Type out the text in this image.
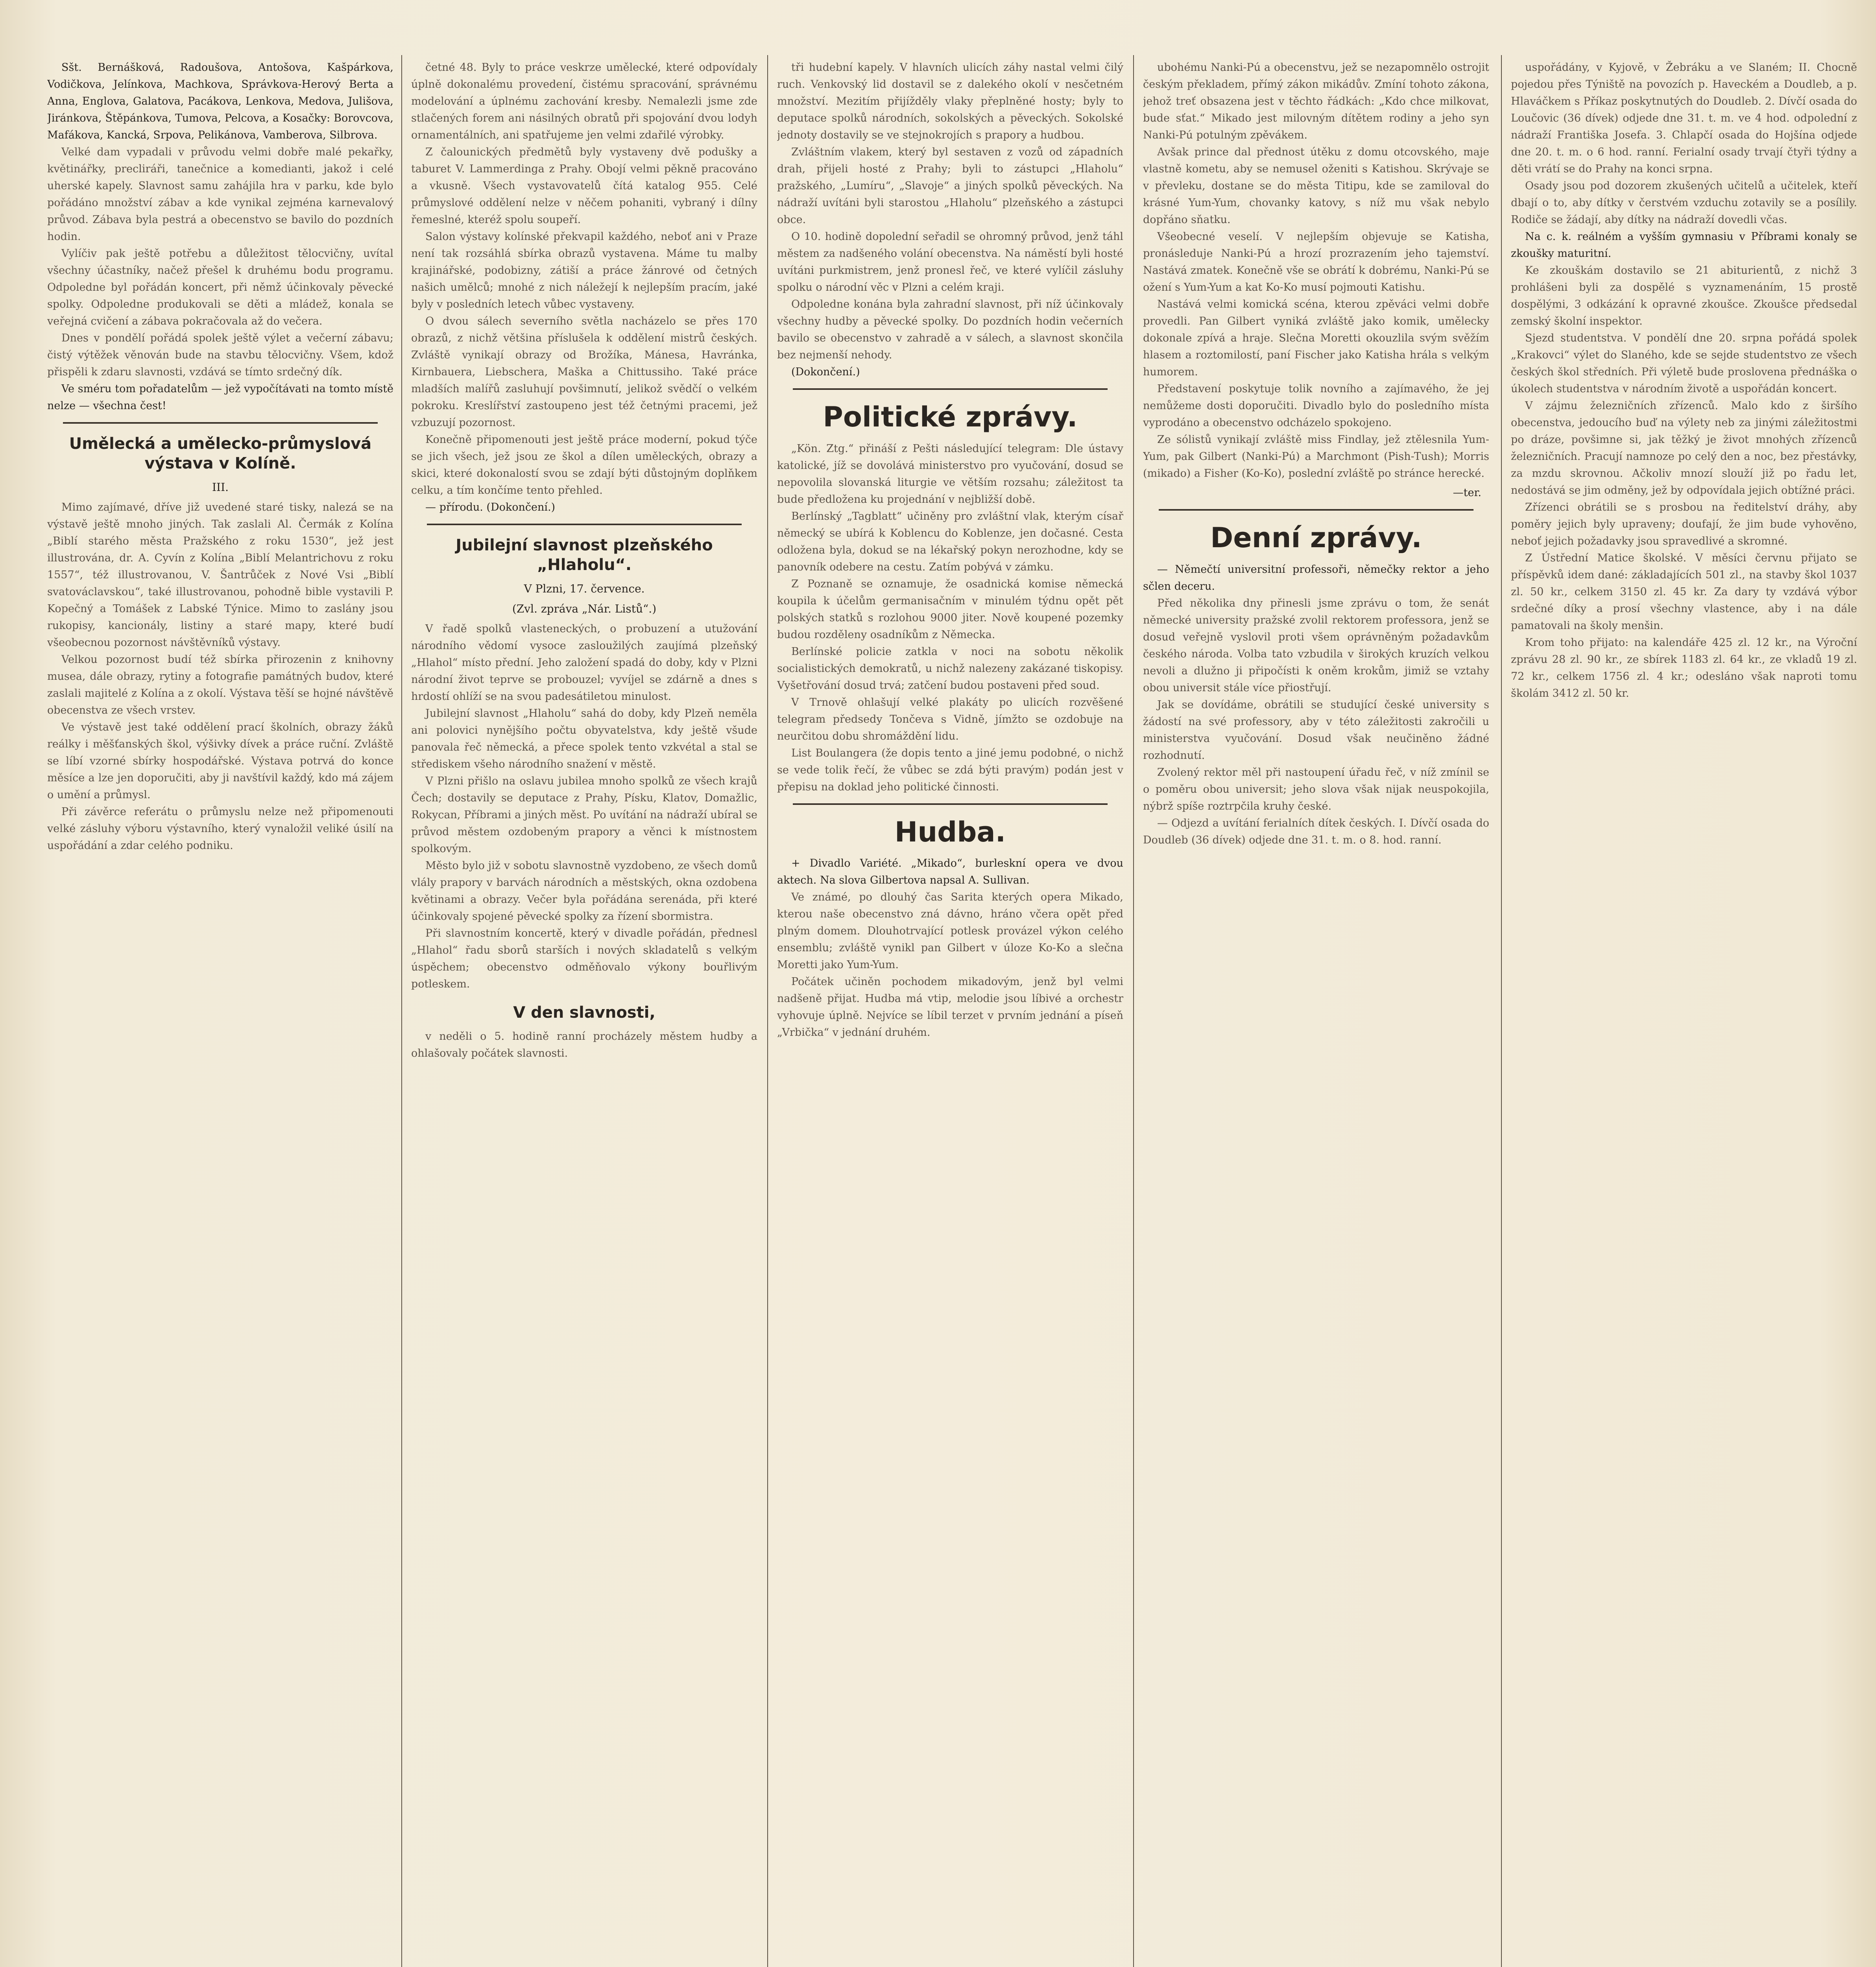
Sšt. Bernášková, Radoušova, Antošova, Kašpárkova, Vodičkova, Jelínkova, Machkova, Správkova-Herový Berta a Anna, Englova, Galatova, Pacákova, Lenkova, Medova, Julišova, Jiránkova, Štěpánkova, Tumova, Pelcova, a Kosačky: Borovcova, Mafákova, Kancká, Srpova, Pelikánova, Vamberova, Silbrova.

Velké dam vypadali v průvodu velmi dobře malé pekařky, květinářky, precliráři, tanečnice a komedianti, jakož i celé uherské kapely. Slavnost samu zahájila hra v parku, kde bylo pořádáno množství zábav a kde vynikal zejména karnevalový průvod. Zábava byla pestrá a obecenstvo se bavilo do pozdních hodin.

Vylíčiv pak ještě potřebu a důležitost tělocvičny, uvítal všechny účastníky, načež přešel k druhému bodu programu. Odpoledne byl pořádán koncert, při němž účinkovaly pěvecké spolky. Odpoledne produkovali se děti a mládež, konala se veřejná cvičení a zábava pokračovala až do večera.

Dnes v pondělí pořádá spolek ještě výlet a večerní zábavu; čistý výtěžek věnován bude na stavbu tělocvičny. Všem, kdož přispěli k zdaru slavnosti, vzdává se tímto srdečný dík.

Ve sméru tom pořadatelům — jež vypočítávati na tomto místě nelze — všechna čest!

Umělecká a umělecko-průmyslová výstava v Kolíně.
III.

Mimo zajímavé, dříve již uvedené staré tisky, nalezá se na výstavě ještě mnoho jiných. Tak zaslali Al. Čermák z Kolína „Biblí starého města Pražského z roku 1530“, jež jest illustrována, dr. A. Cyvín z Kolína „Biblí Melantrichovu z roku 1557“, též illustrovanou, V. Šantrůček z Nové Vsi „Biblí svatováclavskou“, také illustrovanou, pohodně bible vystavili P. Kopečný a Tomášek z Labské Týnice. Mimo to zaslány jsou rukopisy, kancionály, listiny a staré mapy, které budí všeobecnou pozornost návštěvníků výstavy.

Velkou pozornost budí též sbírka přirozenin z knihovny musea, dále obrazy, rytiny a fotografie památných budov, které zaslali majitelé z Kolína a z okolí. Výstava těší se hojné návštěvě obecenstva ze všech vrstev.

Ve výstavě jest také oddělení prací školních, obrazy žáků reálky i měšťanských škol, výšivky dívek a práce ruční. Zvláště se líbí vzorné sbírky hospodářské. Výstava potrvá do konce měsíce a lze jen doporučiti, aby ji navštívil každý, kdo má zájem o umění a průmysl.

Při závěrce referátu o průmyslu nelze než připomenouti velké zásluhy výboru výstavního, který vynaložil veliké úsilí na uspořádání a zdar celého podniku.

četné 48. Byly to práce veskrze umělecké, které odpovídaly úplně dokonalému provedení, čistému spracování, správnému modelování a úplnému zachování kresby. Nemalezli jsme zde stlačených forem ani násilných obratů při spojování dvou lodyh ornamentálních, ani spatřujeme jen velmi zdařilé výrobky.

Z čalounických předmětů byly vystaveny dvě podušky a taburet V. Lammerdinga z Prahy. Obojí velmi pěkně pracováno a vkusně. Všech vystavovatelů čítá katalog 955. Celé průmyslové oddělení nelze v něčem pohaniti, vybraný i dílny řemeslné, kteréž spolu soupeří.

Salon výstavy kolínské překvapil každého, neboť ani v Praze není tak rozsáhlá sbírka obrazů vystavena. Máme tu malby krajinářské, podobizny, zátiší a práce žánrové od četných našich umělců; mnohé z nich náležejí k nejlepším pracím, jaké byly v posledních letech vůbec vystaveny.

O dvou sálech severního světla nacházelo se přes 170 obrazů, z nichž většina příslušela k oddělení mistrů českých. Zvláště vynikají obrazy od Brožíka, Mánesa, Havránka, Kirnbauera, Liebschera, Maška a Chittussiho. Také práce mladších malířů zasluhují povšimnutí, jelikož svědčí o velkém pokroku. Kreslířství zastoupeno jest též četnými pracemi, jež vzbuzují pozornost.

Konečně připomenouti jest ještě práce moderní, pokud týče se jich všech, jež jsou ze škol a dílen uměleckých, obrazy a skici, které dokonalostí svou se zdají býti důstojným doplňkem celku, a tím končíme tento přehled.

— přírodu. (Dokončení.)

Jubilejní slavnost plzeňského „Hlaholu“.
V Plzni, 17. července.
(Zvl. zpráva „Nár. Listů“.)

V řadě spolků vlasteneckých, o probuzení a utužování národního vědomí vysoce zasloužilých zaujímá plzeňský „Hlahol“ místo přední. Jeho založení spadá do doby, kdy v Plzni národní život teprve se probouzel; vyvíjel se zdárně a dnes s hrdostí ohlíží se na svou padesátiletou minulost.

Jubilejní slavnost „Hlaholu“ sahá do doby, kdy Plzeň neměla ani polovici nynějšího počtu obyvatelstva, kdy ještě všude panovala řeč německá, a přece spolek tento vzkvétal a stal se střediskem všeho národního snažení v městě.

V Plzni přišlo na oslavu jubilea mnoho spolků ze všech krajů Čech; dostavily se deputace z Prahy, Písku, Klatov, Domažlic, Rokycan, Příbrami a jiných měst. Po uvítání na nádraží ubíral se průvod městem ozdobeným prapory a věnci k místnostem spolkovým.

Město bylo již v sobotu slavnostně vyzdobeno, ze všech domů vlály prapory v barvách národních a městských, okna ozdobena květinami a obrazy. Večer byla pořádána serenáda, při které účinkovaly spojené pěvecké spolky za řízení sbormistra.

Při slavnostním koncertě, který v divadle pořádán, přednesl „Hlahol“ řadu sborů starších i nových skladatelů s velkým úspěchem; obecenstvo odměňovalo výkony bouřlivým potleskem.

V den slavnosti,

v neděli o 5. hodině ranní procházely městem hudby a ohlašovaly počátek slavnosti.

tři hudební kapely. V hlavních ulicích záhy nastal velmi čilý ruch. Venkovský lid dostavil se z dalekého okolí v nesčetném množství. Mezitím přijížděly vlaky přeplněné hosty; byly to deputace spolků národních, sokolských a pěveckých. Sokolské jednoty dostavily se ve stejnokrojích s prapory a hudbou.

Zvláštním vlakem, který byl sestaven z vozů od západních drah, přijeli hosté z Prahy; byli to zástupci „Hlaholu“ pražského, „Lumíru“, „Slavoje“ a jiných spolků pěveckých. Na nádraží uvítáni byli starostou „Hlaholu“ plzeňského a zástupci obce.

O 10. hodině dopolední seřadil se ohromný průvod, jenž táhl městem za nadšeného volání obecenstva. Na náměstí byli hosté uvítáni purkmistrem, jenž pronesl řeč, ve které vylíčil zásluhy spolku o národní věc v Plzni a celém kraji.

Odpoledne konána byla zahradní slavnost, při níž účinkovaly všechny hudby a pěvecké spolky. Do pozdních hodin večerních bavilo se obecenstvo v zahradě a v sálech, a slavnost skončila bez nejmenší nehody.

(Dokončení.)

Politické zprávy.

„Kön. Ztg.“ přináší z Pešti následující telegram: Dle ústavy katolické, jíž se dovolává ministerstvo pro vyučování, dosud se nepovolila slovanská liturgie ve větším rozsahu; záležitost ta bude předložena ku projednání v nejbližší době.

Berlínský „Tagblatt“ učiněny pro zvláštní vlak, kterým císař německý se ubírá k Koblencu do Koblenze, jen dočasné. Cesta odložena byla, dokud se na lékařský pokyn nerozhodne, kdy se panovník odebere na cestu. Zatím pobývá v zámku.

Z Poznaně se oznamuje, že osadnická komise německá koupila k účelům germanisačním v minulém týdnu opět pět polských statků s rozlohou 9000 jiter. Nově koupené pozemky budou rozděleny osadníkům z Německa.

Berlínské policie zatkla v noci na sobotu několik socialistických demokratů, u nichž nalezeny zakázané tiskopisy. Vyšetřování dosud trvá; zatčení budou postaveni před soud.

V Trnově ohlašují velké plakáty po ulicích rozvěšené telegram předsedy Tončeva s Vidně, jímžto se ozdobuje na neurčitou dobu shromáždění lidu.

List Boulangera (že dopis tento a jiné jemu podobné, o nichž se vede tolik řečí, že vůbec se zdá býti pravým) podán jest v přepisu na doklad jeho politické činnosti.

Hudba.

+ Divadlo Variété. „Mikado“, burleskní opera ve dvou aktech. Na slova Gilbertova napsal A. Sullivan.

Ve známé, po dlouhý čas Sarita kterých opera Mikado, kterou naše obecenstvo zná dávno, hráno včera opět před plným domem. Dlouhotrvající potlesk provázel výkon celého ensemblu; zvláště vynikl pan Gilbert v úloze Ko-Ko a slečna Moretti jako Yum-Yum.

Počátek učiněn pochodem mikadovým, jenž byl velmi nadšeně přijat. Hudba má vtip, melodie jsou líbivé a orchestr vyhovuje úplně. Nejvíce se líbil terzet v prvním jednání a píseň „Vrbička“ v jednání druhém.

ubohému Nanki-Pú a obecenstvu, jež se nezapomnělo ostrojit českým překladem, přímý zákon mikádův. Zmíní tohoto zákona, jehož treť obsazena jest v těchto řádkách: „Kdo chce milkovat, bude sťat.“ Mikado jest milovným dítětem rodiny a jeho syn Nanki-Pú potulným zpěvákem.

Avšak prince dal přednost útěku z domu otcovského, maje vlastně kometu, aby se nemusel oženiti s Katishou. Skrývaje se v převleku, dostane se do města Titipu, kde se zamiloval do krásné Yum-Yum, chovanky katovy, s níž mu však nebylo dopřáno sňatku.

Všeobecné veselí. V nejlepším objevuje se Katisha, pronásleduje Nanki-Pú a hrozí prozrazením jeho tajemství. Nastává zmatek. Konečně vše se obrátí k dobrému, Nanki-Pú se ožení s Yum-Yum a kat Ko-Ko musí pojmouti Katishu.

Nastává velmi komická scéna, kterou zpěváci velmi dobře provedli. Pan Gilbert vyniká zvláště jako komik, umělecky dokonale zpívá a hraje. Slečna Moretti okouzlila svým svěžím hlasem a roztomilostí, paní Fischer jako Katisha hrála s velkým humorem.

Představení poskytuje tolik novního a zajímavého, že jej nemůžeme dosti doporučiti. Divadlo bylo do posledního místa vyprodáno a obecenstvo odcházelo spokojeno.

Ze sólistů vynikají zvláště miss Findlay, jež ztělesnila Yum-Yum, pak Gilbert (Nanki-Pú) a Marchmont (Pish-Tush); Morris (mikado) a Fisher (Ko-Ko), poslední zvláště po stránce herecké.

—ter.
Denní zprávy.

— Němečtí universitní professoři, němečky rektor a jeho sčlen deceru.

Před několika dny přinesli jsme zprávu o tom, že senát německé university pražské zvolil rektorem professora, jenž se dosud veřejně vyslovil proti všem oprávněným požadavkům českého národa. Volba tato vzbudila v širokých kruzích velkou nevoli a dlužno ji připočísti k oněm krokům, jimiž se vztahy obou universit stále více přiostřují.

Jak se dovídáme, obrátili se studující české university s žádostí na své professory, aby v této záležitosti zakročili u ministerstva vyučování. Dosud však neučiněno žádné rozhodnutí.

Zvolený rektor měl při nastoupení úřadu řeč, v níž zmínil se o poměru obou universit; jeho slova však nijak neuspokojila, nýbrž spíše roztrpčila kruhy české.

— Odjezd a uvítání ferialních dítek českých. I. Dívčí osada do Doudleb (36 dívek) odjede dne 31. t. m. o 8. hod. ranní.

uspořádány, v Kyjově, v Žebráku a ve Slaném; II. Chocně pojedou přes Týniště na povozích p. Haveckém a Doudleb, a p. Hlaváčkem s Příkaz poskytnutých do Doudleb. 2. Dívčí osada do Loučovic (36 dívek) odjede dne 31. t. m. ve 4 hod. odpolední z nádraží Františka Josefa. 3. Chlapčí osada do Hojšína odjede dne 20. t. m. o 6 hod. ranní. Ferialní osady trvají čtyři týdny a děti vrátí se do Prahy na konci srpna.

Osady jsou pod dozorem zkušených učitelů a učitelek, kteří dbají o to, aby dítky v čerstvém vzduchu zotavily se a posílily. Rodiče se žádají, aby dítky na nádraží dovedli včas.

Na c. k. reálném a vyšším gymnasiu v Příbrami konaly se zkoušky maturitní.

Ke zkouškám dostavilo se 21 abiturientů, z nichž 3 prohlášeni byli za dospělé s vyznamenáním, 15 prostě dospělými, 3 odkázání k opravné zkoušce. Zkoušce předsedal zemský školní inspektor.

Sjezd studentstva. V pondělí dne 20. srpna pořádá spolek „Krakovci“ výlet do Slaného, kde se sejde studentstvo ze všech českých škol středních. Při výletě bude proslovena přednáška o úkolech studentstva v národním životě a uspořádán koncert.

V zájmu železničních zřízenců. Malo kdo z širšího obecenstva, jedoucího buď na výlety neb za jinými záležitostmi po dráze, povšimne si, jak těžký je život mnohých zřízenců železničních. Pracují namnoze po celý den a noc, bez přestávky, za mzdu skrovnou. Ačkoliv mnozí slouží již po řadu let, nedostává se jim odměny, jež by odpovídala jejich obtížné práci.

Zřízenci obrátili se s prosbou na ředitelství dráhy, aby poměry jejich byly upraveny; doufají, že jim bude vyhověno, neboť jejich požadavky jsou spravedlivé a skromné.

Z Ústřední Matice školské. V měsíci červnu přijato se příspěvků idem dané: základajících 501 zl., na stavby škol 1037 zl. 50 kr., celkem 3150 zl. 45 kr. Za dary ty vzdává výbor srdečné díky a prosí všechny vlastence, aby i na dále pamatovali na školy menšin.

Krom toho přijato: na kalendáře 425 zl. 12 kr., na Výroční zprávu 28 zl. 90 kr., ze sbírek 1183 zl. 64 kr., ze vkladů 19 zl. 72 kr., celkem 1756 zl. 4 kr.; odesláno však naproti tomu školám 3412 zl. 50 kr.
